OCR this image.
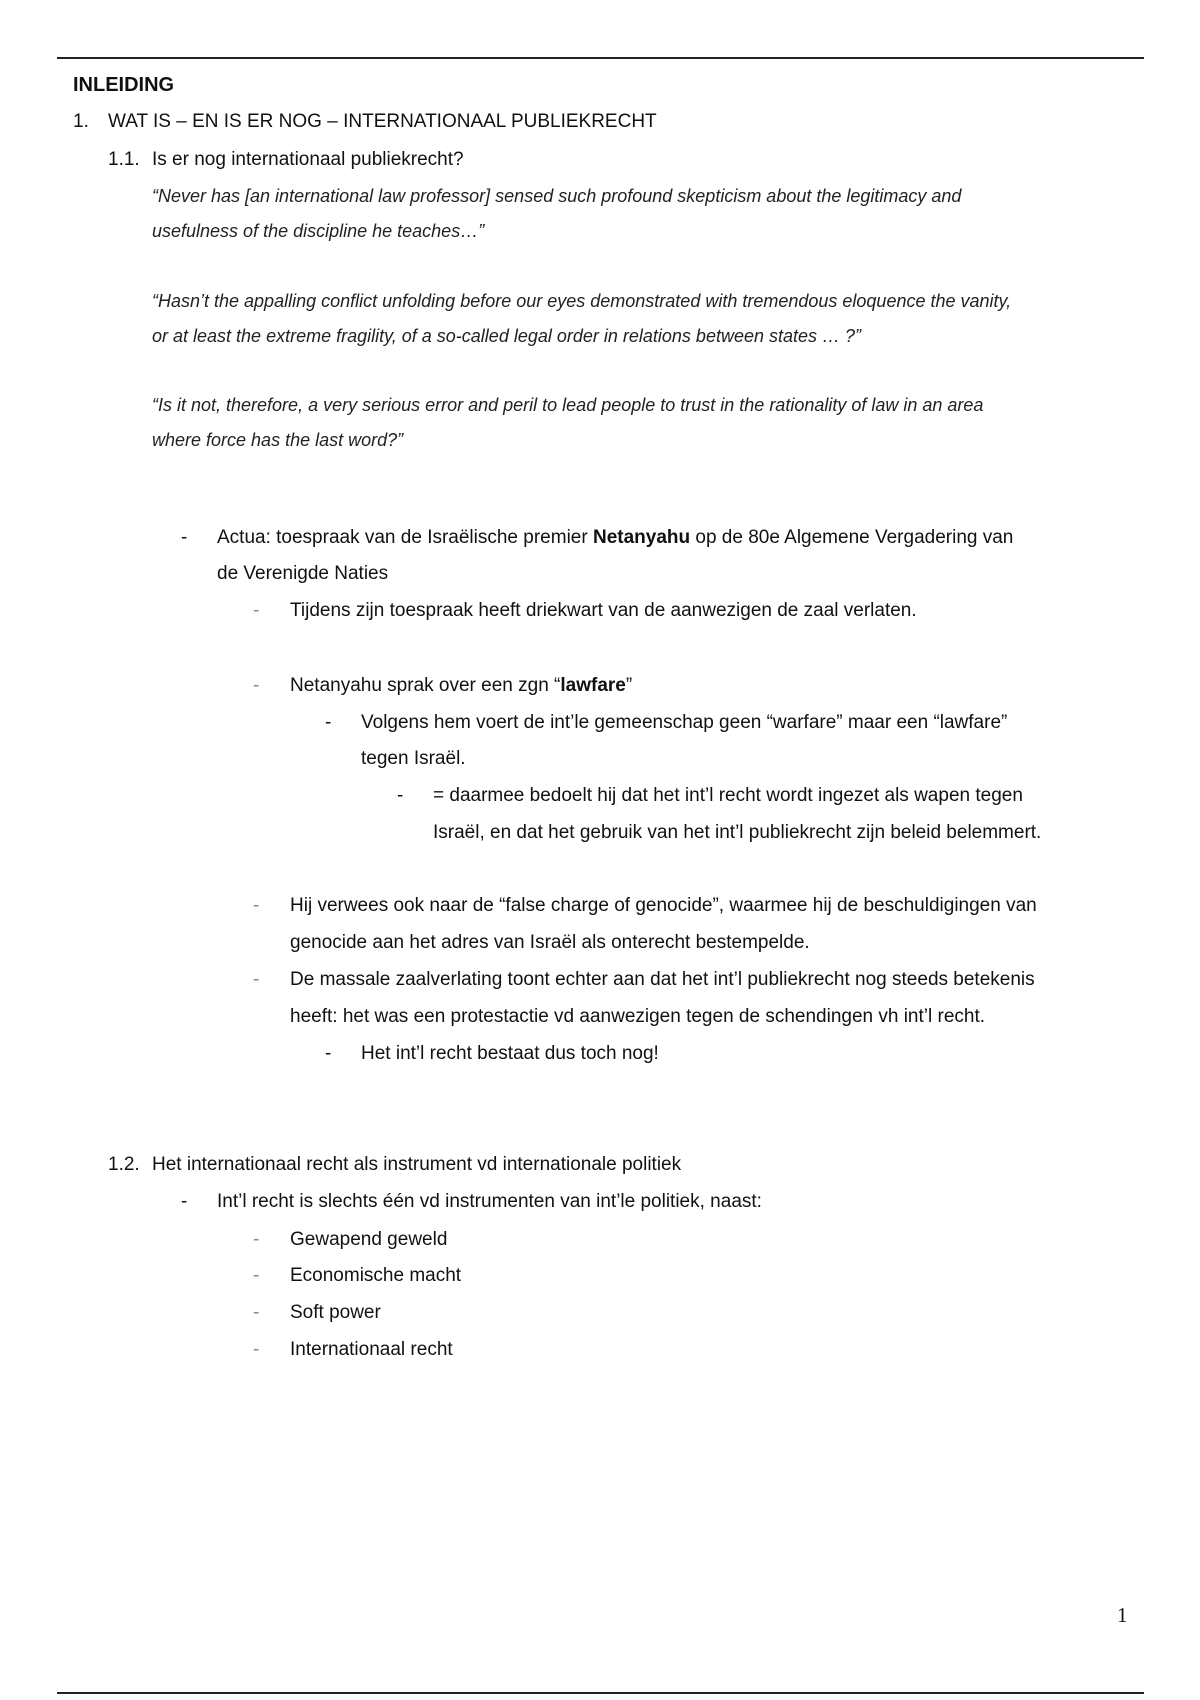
INLEIDING
1. WAT IS – EN IS ER NOG – INTERNATIONAAL PUBLIEKRECHT
1.1. Is er nog internationaal publiekrecht?
“Never has [an international law professor] sensed such profound skepticism about the legitimacy and
usefulness of the discipline he teaches…”
“Hasn’t the appalling conflict unfolding before our eyes demonstrated with tremendous eloquence the vanity,
or at least the extreme fragility, of a so-called legal order in relations between states … ?”
“Is it not, therefore, a very serious error and peril to lead people to trust in the rationality of law in an area
where force has the last word?”
- Actua: toespraak van de Israëlische premier Netanyahu op de 80e Algemene Vergadering van
de Verenigde Naties
- Tijdens zijn toespraak heeft driekwart van de aanwezigen de zaal verlaten.
- Netanyahu sprak over een zgn “lawfare”
- Volgens hem voert de int’le gemeenschap geen “warfare” maar een “lawfare”
tegen Israël.
- = daarmee bedoelt hij dat het int’l recht wordt ingezet als wapen tegen
Israël, en dat het gebruik van het int’l publiekrecht zijn beleid belemmert.
- Hij verwees ook naar de “false charge of genocide”, waarmee hij de beschuldigingen van
genocide aan het adres van Israël als onterecht bestempelde.
- De massale zaalverlating toont echter aan dat het int’l publiekrecht nog steeds betekenis
heeft: het was een protestactie vd aanwezigen tegen de schendingen vh int’l recht.
- Het int’l recht bestaat dus toch nog!
1.2. Het internationaal recht als instrument vd internationale politiek
- Int’l recht is slechts één vd instrumenten van int’le politiek, naast:
- Gewapend geweld
- Economische macht
- Soft power
- Internationaal recht
1
